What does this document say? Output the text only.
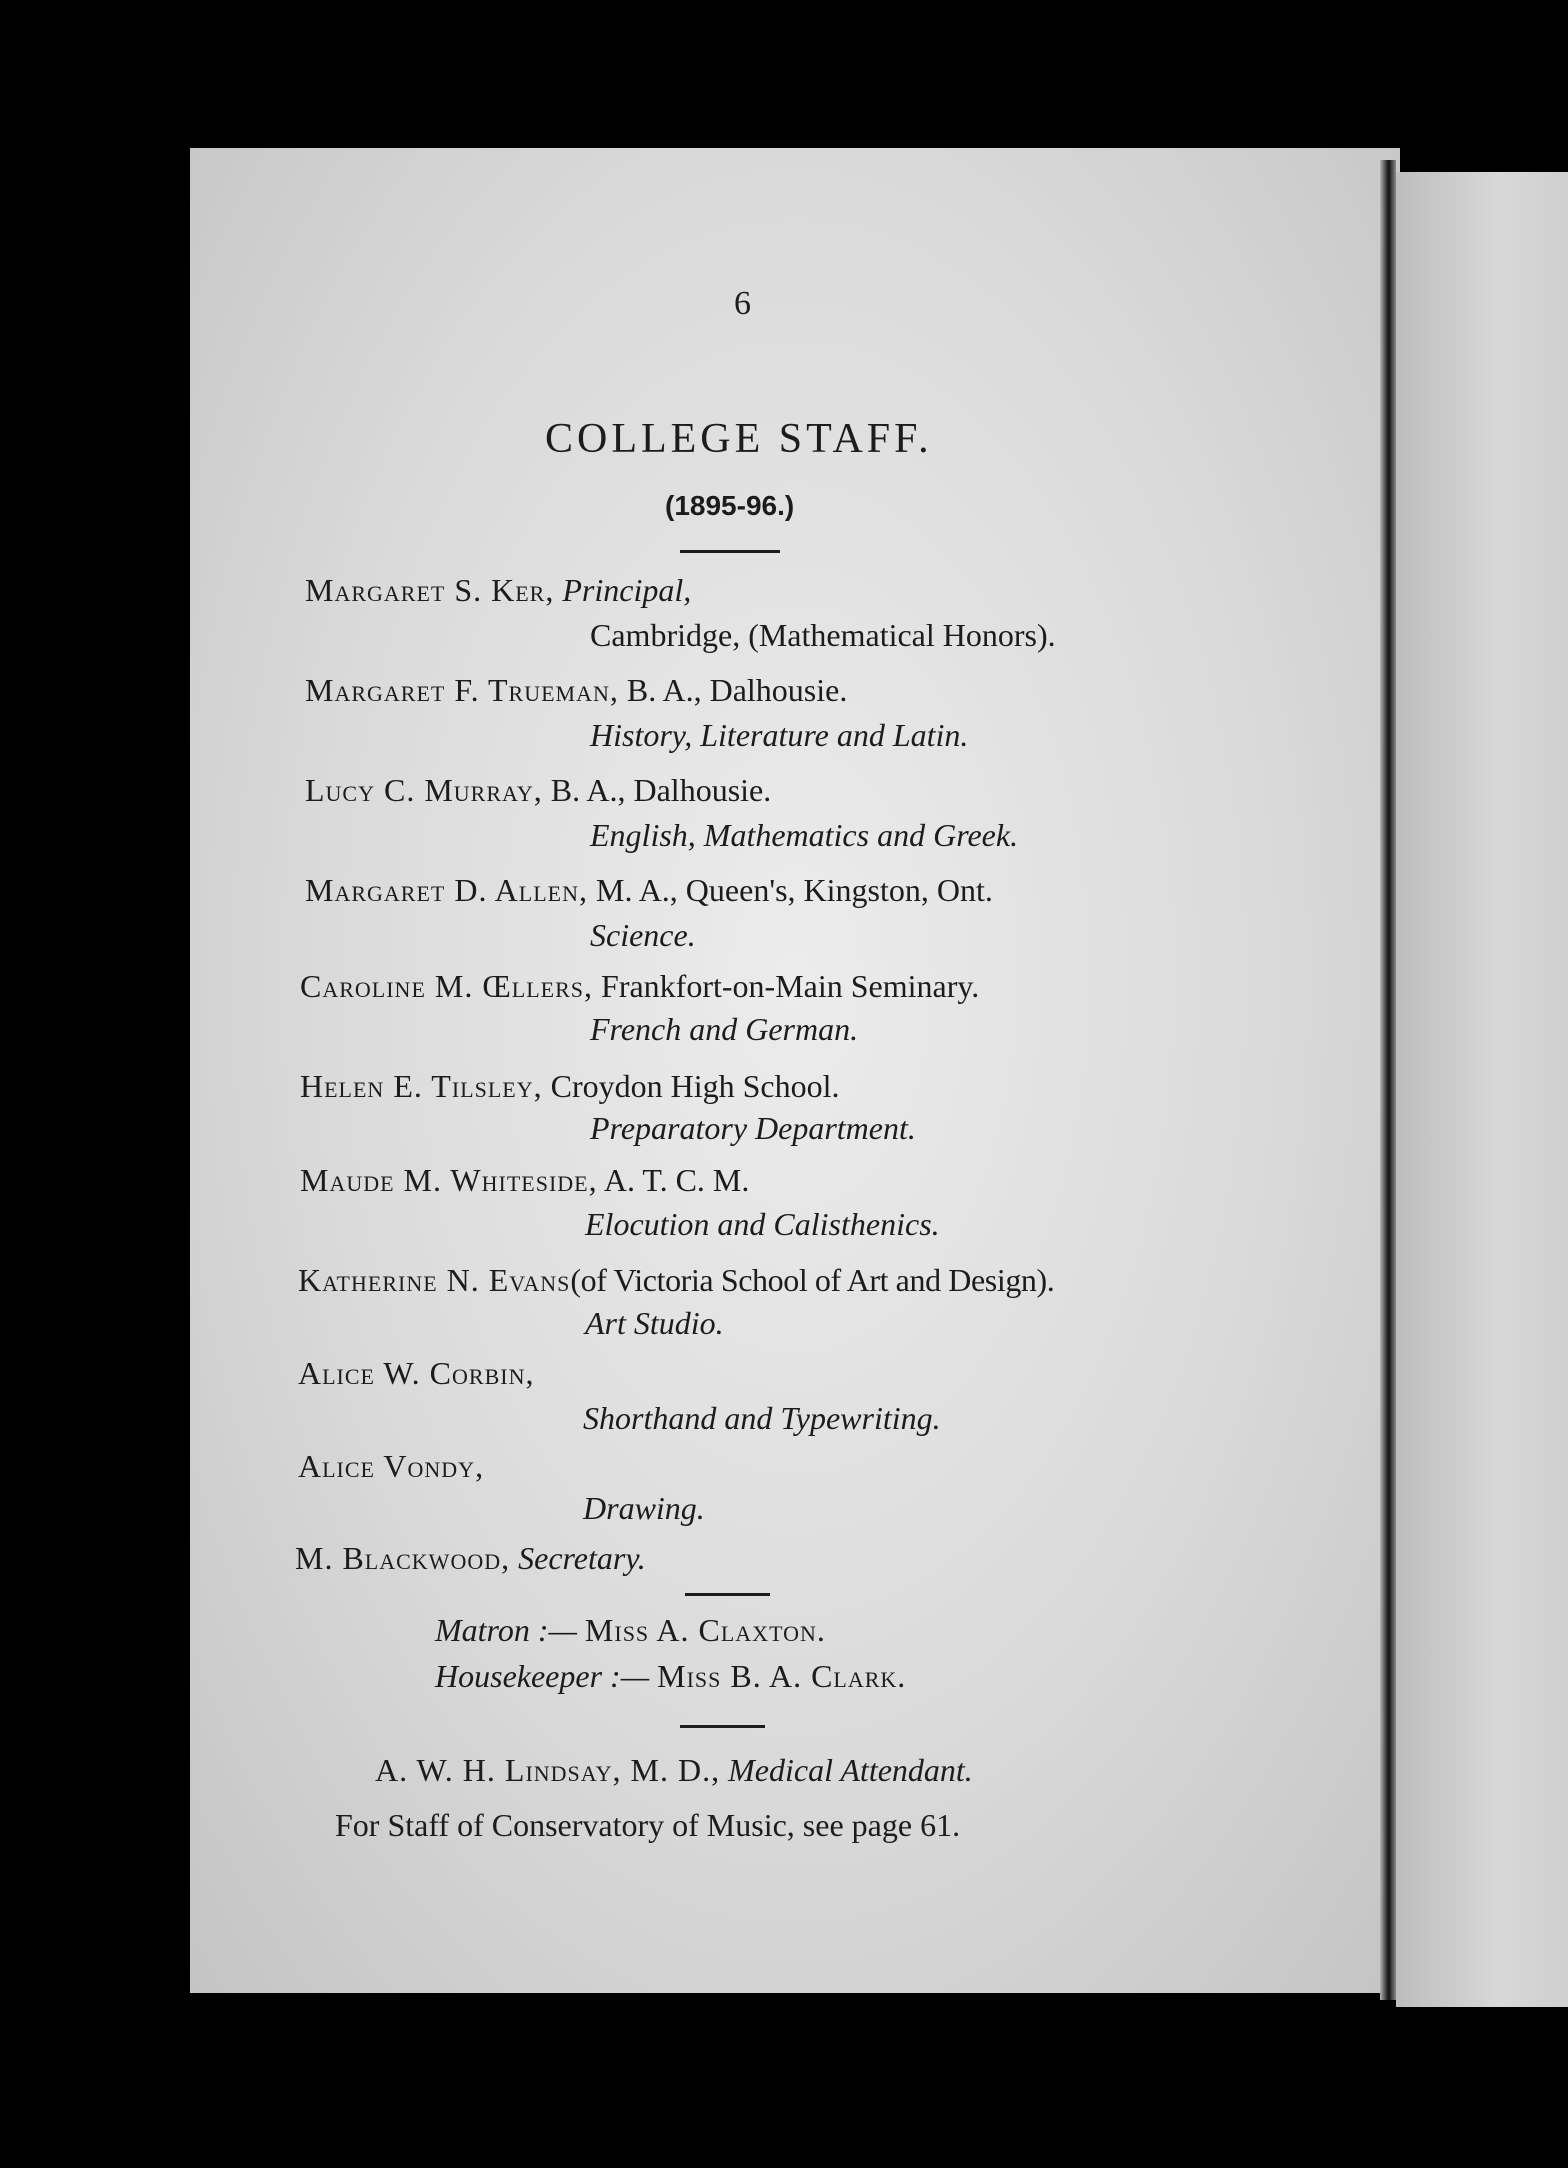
6
COLLEGE STAFF.
(1895-96.)
Margaret S. Ker, Principal,
Cambridge, (Mathematical Honors).
Margaret F. Trueman, B. A., Dalhousie.
History, Literature and Latin.
Lucy C. Murray, B. A., Dalhousie.
English, Mathematics and Greek.
Margaret D. Allen, M. A., Queen's, Kingston, Ont.
Science.
Caroline M. Œllers, Frankfort-on-Main Seminary.
French and German.
Helen E. Tilsley, Croydon High School.
Preparatory Department.
Maude M. Whiteside, A. T. C. M.
Elocution and Calisthenics.
Katherine N. Evans(of Victoria School of Art and Design).
Art Studio.
Alice W. Corbin,
Shorthand and Typewriting.
Alice Vondy,
Drawing.
M. Blackwood, Secretary.
Matron :— Miss A. Claxton.
Housekeeper :— Miss B. A. Clark.
A. W. H. Lindsay, M. D., Medical Attendant.
For Staff of Conservatory of Music, see page 61.
